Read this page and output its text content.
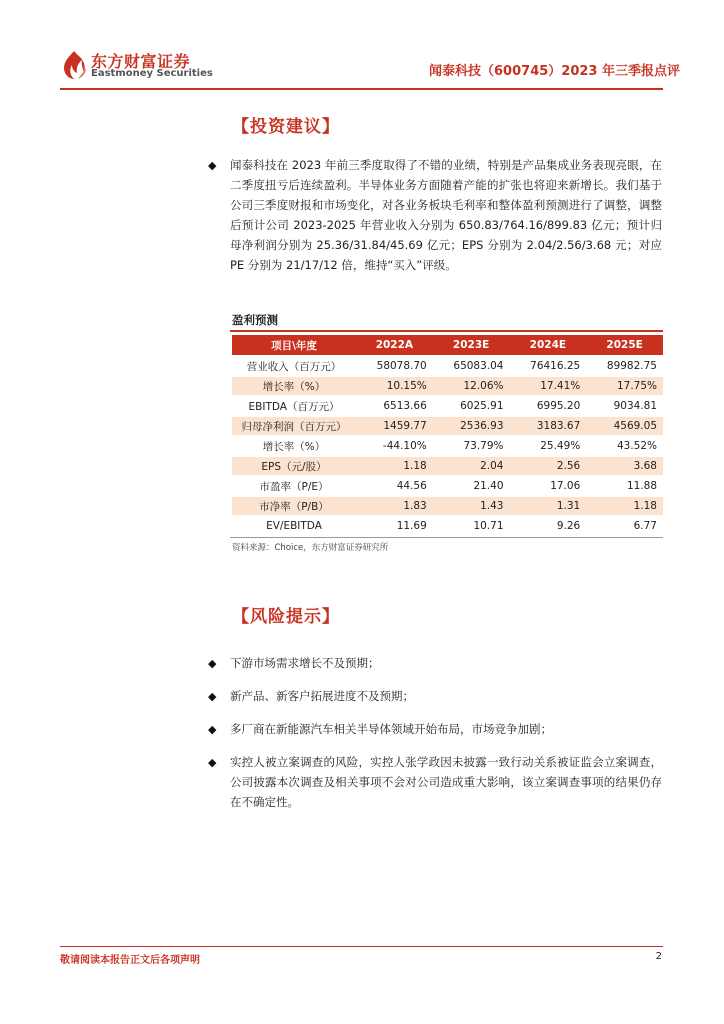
东方财富证券
Eastmoney Securities	闻泰科技（600745）2023 年三季报点评
【投资建议】
◆ 闻泰科技在 2023 年前三季度取得了不错的业绩，特别是产品集成业务表现亮眼，在二季度扭亏后连续盈利。半导体业务方面随着产能的扩张也将迎来新增长。我们基于公司三季度财报和市场变化，对各业务板块毛利率和整体盈利预测进行了调整，调整后预计公司 2023-2025 年营业收入分别为 650.83/764.16/899.83 亿元；预计归母净利润分别为 25.36/31.84/45.69 亿元；EPS 分别为 2.04/2.56/3.68 元；对应 PE 分别为 21/17/12 倍，维持“买入”评级。
盈利预测
项目\年度	2022A	2023E	2024E	2025E
营业收入（百万元）	58078.70	65083.04	76416.25	89982.75
增长率（%）	10.15%	12.06%	17.41%	17.75%
EBITDA（百万元）	6513.66	6025.91	6995.20	9034.81
归母净利润（百万元）	1459.77	2536.93	3183.67	4569.05
增长率（%）	-44.10%	73.79%	25.49%	43.52%
EPS（元/股）	1.18	2.04	2.56	3.68
市盈率（P/E）	44.56	21.40	17.06	11.88
市净率（P/B）	1.83	1.43	1.31	1.18
EV/EBITDA	11.69	10.71	9.26	6.77
资料来源：Choice，东方财富证券研究所
【风险提示】
◆ 下游市场需求增长不及预期；
◆ 新产品、新客户拓展进度不及预期；
◆ 多厂商在新能源汽车相关半导体领域开始布局，市场竞争加剧；
◆ 实控人被立案调查的风险，实控人张学政因未披露一致行动关系被证监会立案调查，公司披露本次调查及相关事项不会对公司造成重大影响，该立案调查事项的结果仍存在不确定性。
敬请阅读本报告正文后各项声明	2
